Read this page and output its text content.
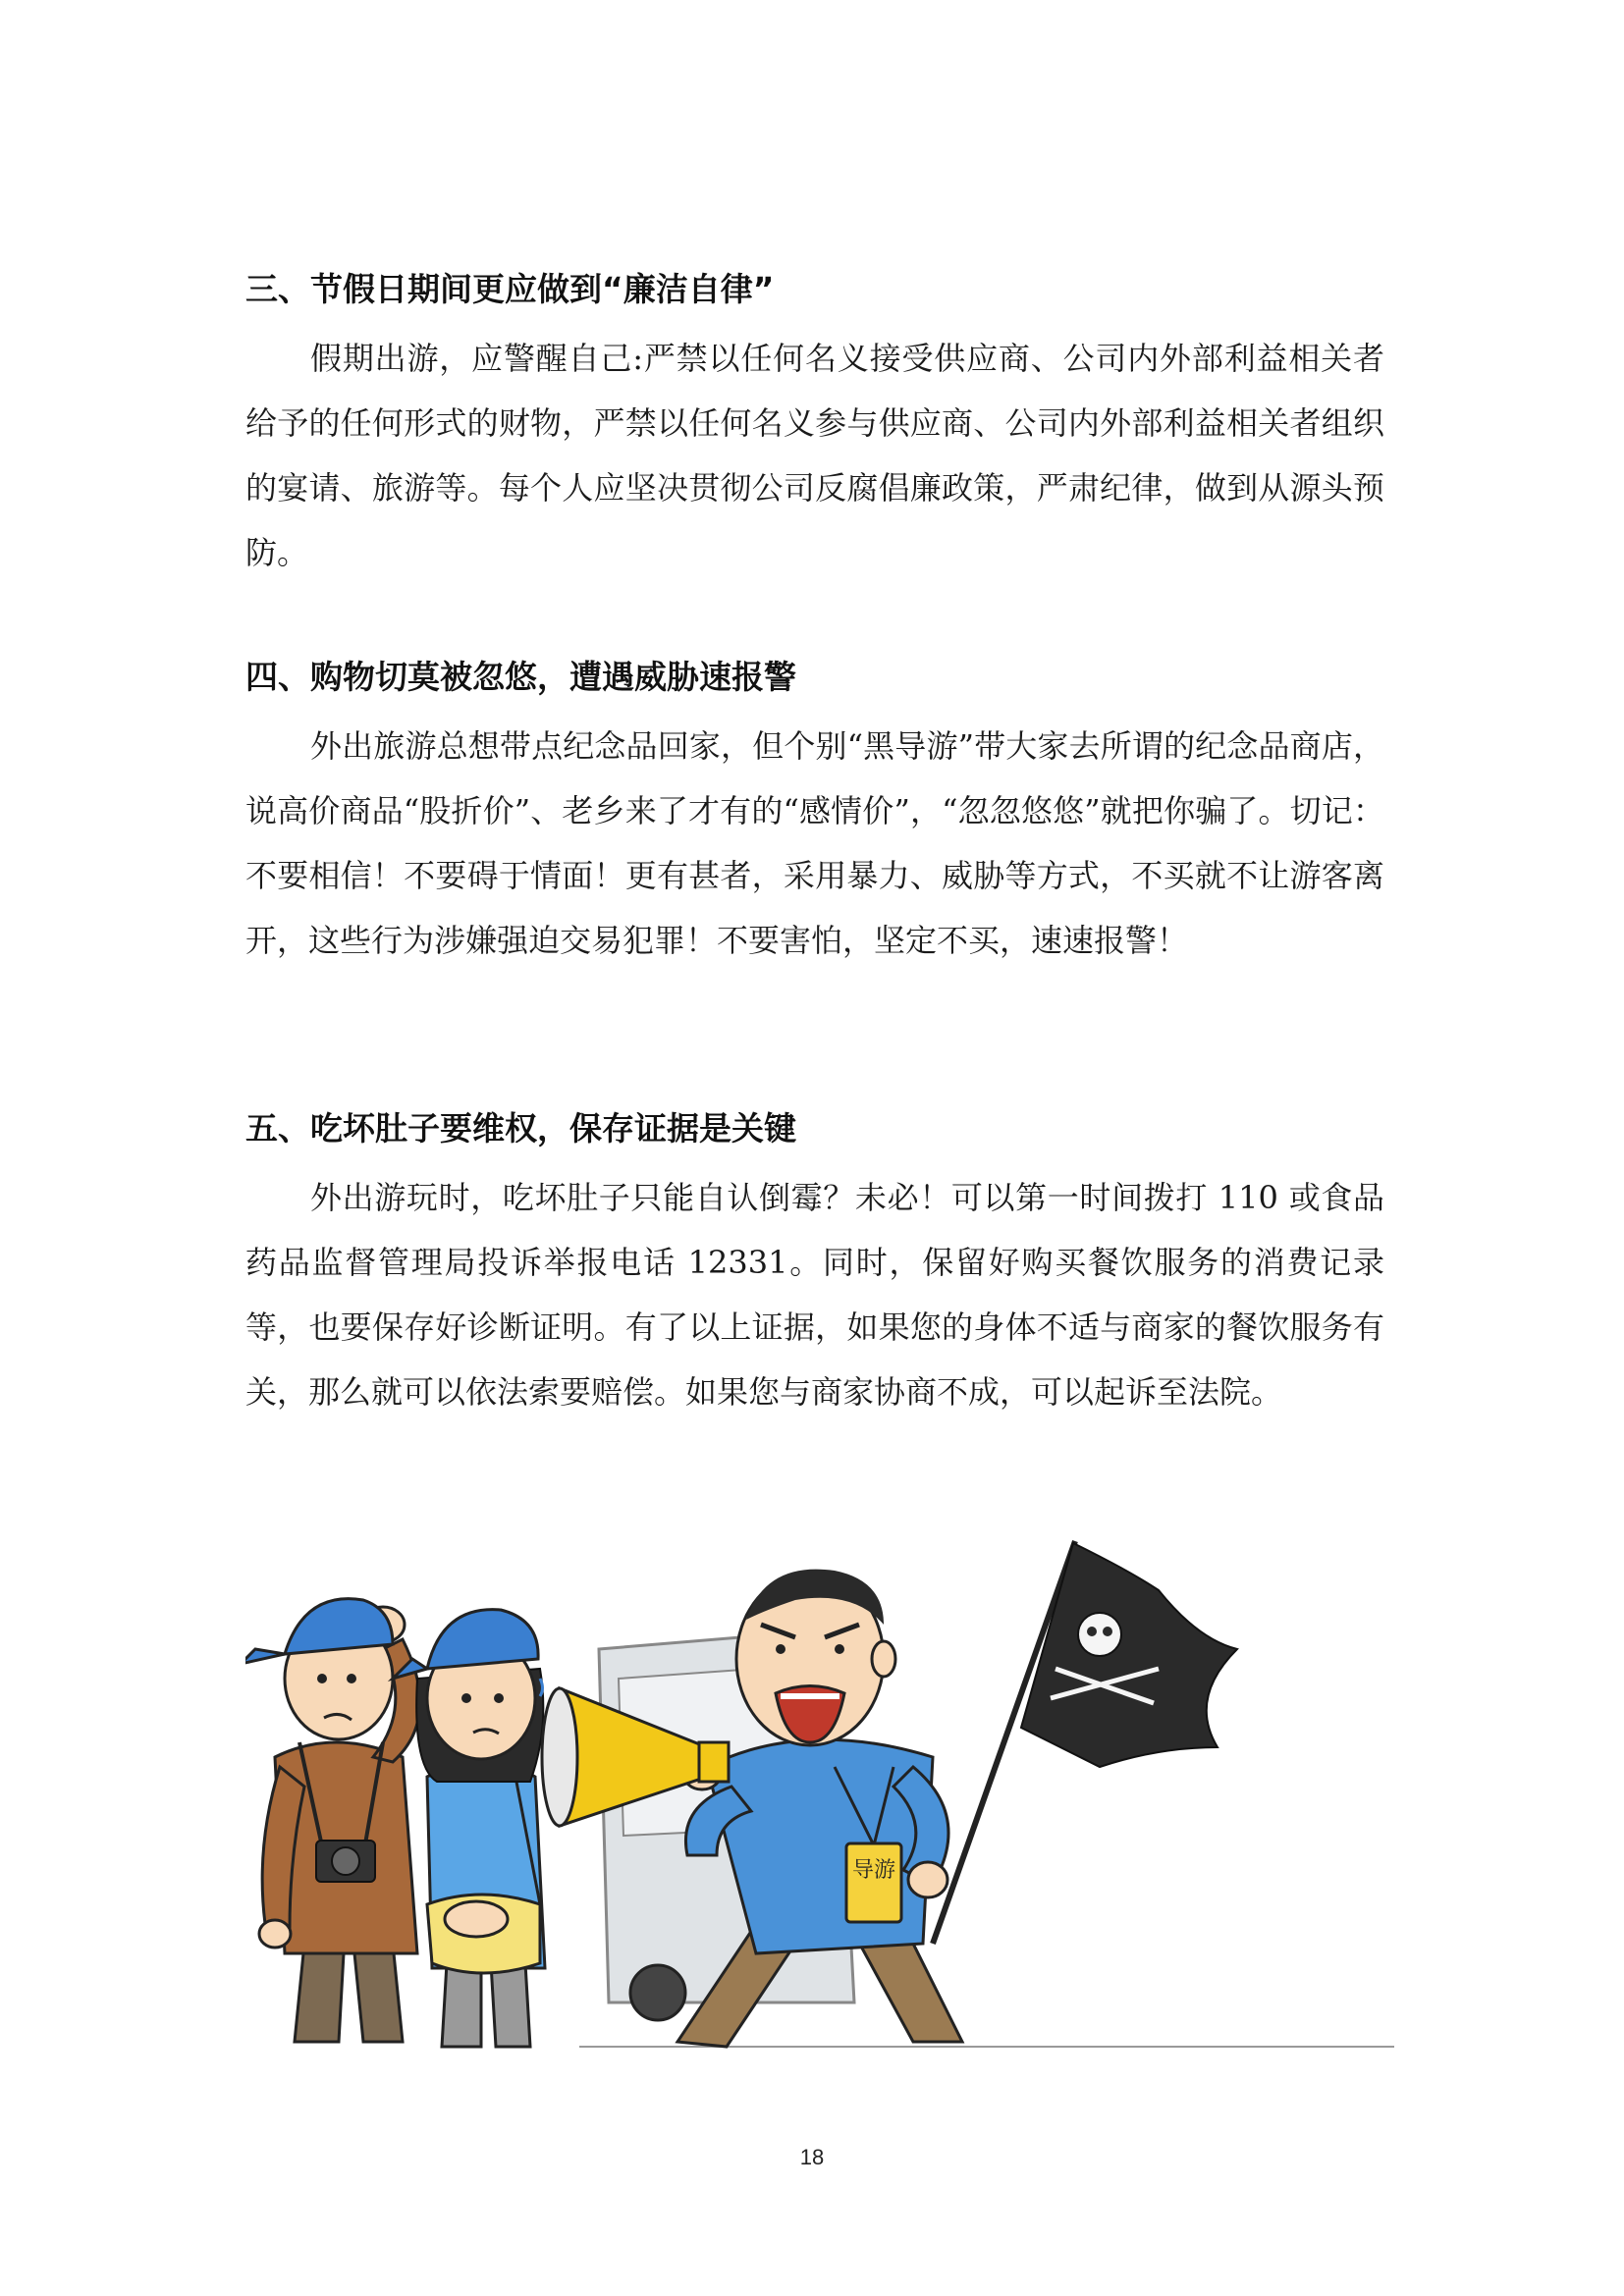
三、节假日期间更应做到“廉洁自律”

假期出游，应警醒自己:严禁以任何名义接受供应商、公司内外部利益相关者给予的任何形式的财物，严禁以任何名义参与供应商、公司内外部利益相关者组织的宴请、旅游等。每个人应坚决贯彻公司反腐倡廉政策，严肃纪律，做到从源头预防。

四、购物切莫被忽悠，遭遇威胁速报警

外出旅游总想带点纪念品回家，但个别“黑导游”带大家去所谓的纪念品商店，说高价商品“股折价”、老乡来了才有的“感情价”，“忽忽悠悠”就把你骗了。切记：不要相信！不要碍于情面！更有甚者，采用暴力、威胁等方式，不买就不让游客离开，这些行为涉嫌强迫交易犯罪！不要害怕，坚定不买，速速报警！

五、吃坏肚子要维权，保存证据是关键

外出游玩时，吃坏肚子只能自认倒霉？未必！可以第一时间拨打 110 或食品药品监督管理局投诉举报电话 12331。同时，保留好购买餐饮服务的消费记录等，也要保存好诊断证明。有了以上证据，如果您的身体不适与商家的餐饮服务有关，那么就可以依法索要赔偿。如果您与商家协商不成，可以起诉至法院。

导游
18
